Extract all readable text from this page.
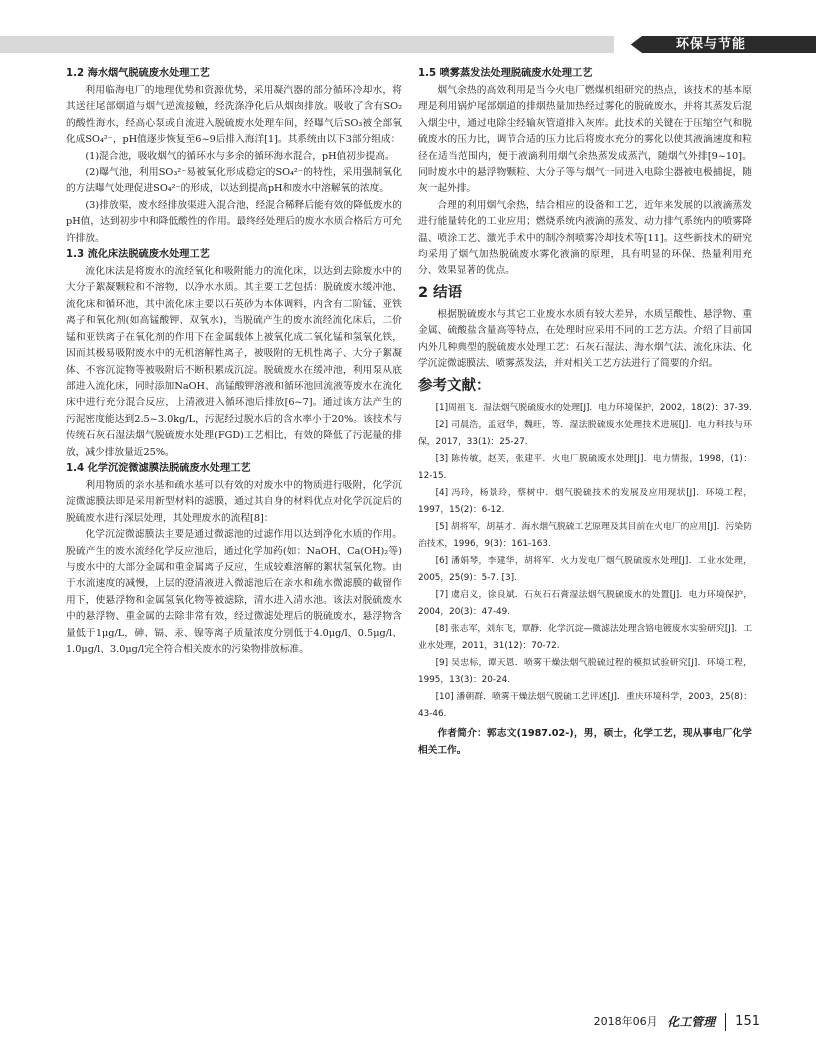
环保与节能
1.2 海水烟气脱硫废水处理工艺

利用临海电厂的地理优势和资源优势，采用凝汽器的部分循环冷却水，将其送往尾部烟道与烟气逆流接触，经洗涤净化后从烟囱排放。吸收了含有SO₂的酸性海水，经高心泵或自流进入脱硫废水处理车间，经曝气后SO₃被全部氧化成SO₄²⁻，pH值逐步恢复至6~9后排入海洋[1]。其系统由以下3部分组成：

(1)混合池，吸收烟气的循环水与多余的循环海水混合，pH值初步提高。

(2)曝气池，利用SO₃²⁻易被氧化形成稳定的SO₄²⁻的特性，采用强制氧化的方法曝气处理促进SO₄²⁻的形成，以达到提高pH和废水中溶解氧的浓度。

(3)排放渠，废水经排放渠进入混合池，经混合稀释后能有效的降低废水的pH值，达到初步中和降低酸性的作用。最终经处理后的废水水质合格后方可允许排放。

1.3 流化床法脱硫废水处理工艺

流化床法是将废水的流经氧化和吸附能力的流化床，以达到去除废水中的大分子絮凝颗粒和不溶物，以净水水质。其主要工艺包括：脱硫废水缓冲池、流化床和循环池，其中流化床主要以石英砂为本体调料，内含有二阶锰、亚铁离子和氧化剂(如高锰酸钾、双氧水)，当脱硫产生的废水流经流化床后，二价锰和亚铁离子在氧化剂的作用下在金属载体上被氧化成二氧化锰和氢氧化铁，因而其极易吸附废水中的无机溶解性离子，被吸附的无机性离子、大分子絮凝体、不容沉淀物等被吸附后不断积累成沉淀。脱硫废水在缓冲池，利用泵从底部进入流化床，同时添加NaOH、高锰酸钾溶液和循环池回流液等废水在流化床中进行充分混合反应，上清液进入循环池后排放[6~7]。通过该方法产生的污泥密度能达到2.5~3.0kg/L，污泥经过脱水后的含水率小于20%。该技术与传统石灰石湿法烟气脱硫废水处理(FGD)工艺相比，有效的降低了污泥量的排放，减少排放量近25%。

1.4 化学沉淀微滤膜法脱硫废水处理工艺

利用物质的亲水基和疏水基可以有效的对废水中的物质进行吸附，化学沉淀微滤膜法即是采用新型材料的滤膜，通过其自身的材料优点对化学沉淀后的脱硫废水进行深层处理，其处理废水的流程[8]：

化学沉淀微滤膜法主要是通过微滤池的过滤作用以达到净化水质的作用。脱硫产生的废水流经化学反应池后，通过化学加药(如：NaOH、Ca(OH)₂等)与废水中的大部分金属和重金属离子反应，生成较难溶解的絮状氢氧化物。由于水流速度的减慢，上层的澄清液进入微滤池后在亲水和疏水微滤膜的截留作用下，使悬浮物和金属氢氧化物等被滤除，清水进入清水池。该法对脱硫废水中的悬浮物、重金属的去除非常有效，经过微滤处理后的脱硫废水，悬浮物含量低于1μg/L，砷、镉、汞、镍等离子质量浓度分别低于4.0μg/l、0.5μg/l、1.0μg/l、3.0μg/l完全符合相关废水的污染物排放标准。

1.5 喷雾蒸发法处理脱硫废水处理工艺

烟气余热的高效利用是当今火电厂燃煤机组研究的热点，该技术的基本原理是利用锅炉尾部烟道的排烟热量加热经过雾化的脱硫废水，并将其蒸发后混入烟尘中，通过电除尘经输灰管道排入灰库。此技术的关键在于压缩空气和脱硫废水的压力比，调节合适的压力比后将废水充分的雾化以使其液滴速度和粒径在适当范围内，便于液滴利用烟气余热蒸发成蒸汽，随烟气外排[9~10]。同时废水中的悬浮物颗粒、大分子等与烟气一同进入电除尘器被电极捕捉，随灰一起外排。

合理的利用烟气余热，结合相应的设备和工艺，近年来发展的以液滴蒸发进行能量转化的工业应用；燃烧系统内液滴的蒸发、动力排气系统内的喷雾降温、喷涂工艺、激光手术中的制冷剂喷雾冷却技术等[11]。这些新技术的研究均采用了烟气加热脱硫废水雾化液滴的原理，具有明显的环保、热量利用充分、效果显著的优点。

2 结语

根据脱硫废水与其它工业废水水质有较大差异，水质呈酸性、悬浮物、重金属、硫酸盐含量高等特点，在处理时应采用不同的工艺方法。介绍了目前国内外几种典型的脱硫废水处理工艺：石灰石湿法、海水烟气法、流化床法、化学沉淀微滤膜法、喷雾蒸发法，并对相关工艺方法进行了简要的介绍。

参考文献：

[1]周祖飞．湿法烟气脱硫废水的处理[J]．电力环境保护，2002，18(2)：37-39.

[2] 司晨浩，孟冠华，魏旺，等．湿法脱硫废水处理技术进展[J]．电力科技与环保，2017，33(1)：25-27.

[3] 陈传敏，赵芙，张建平．火电厂脱硫废水处理[J]．电力情报，1998，(1)：12-15.

[4] 冯玲，杨景玲，蔡树中．烟气脱硫技术的发展及应用现状[J]．环境工程，1997，15(2)：6-12.

[5] 胡将军，胡基才．海水烟气脱硫工艺原理及其目前在火电厂的应用[J]．污染防治技术，1996，9(3)：161-163.

[6] 潘娟琴，李建华，胡将军．火力发电厂烟气脱硫废水处理[J]．工业水处理，2005，25(9)：5-7. [3].

[7] 虞启义，徐良斌．石灰石石膏湿法烟气脱硫废水的处置[J]．电力环境保护，2004，20(3)：47-49.

[8] 张志军，刘东飞，覃静．化学沉淀—微滤法处理含铬电镀废水实验研究[J]．工业水处理，2011，31(12)：70-72.

[9] 吴忠标，谭天恩．喷雾干燥法烟气脱硫过程的模拟试验研究[J]．环境工程，1995，13(3)：20-24.

[10] 潘朝群．喷雾干燥法烟气脱硫工艺评述[J]．重庆环境科学，2003，25(8)：43-46.

作者简介：郭志文(1987.02-)，男，硕士，化学工艺，现从事电厂化学相关工作。

2018年06月 化工管理 151
